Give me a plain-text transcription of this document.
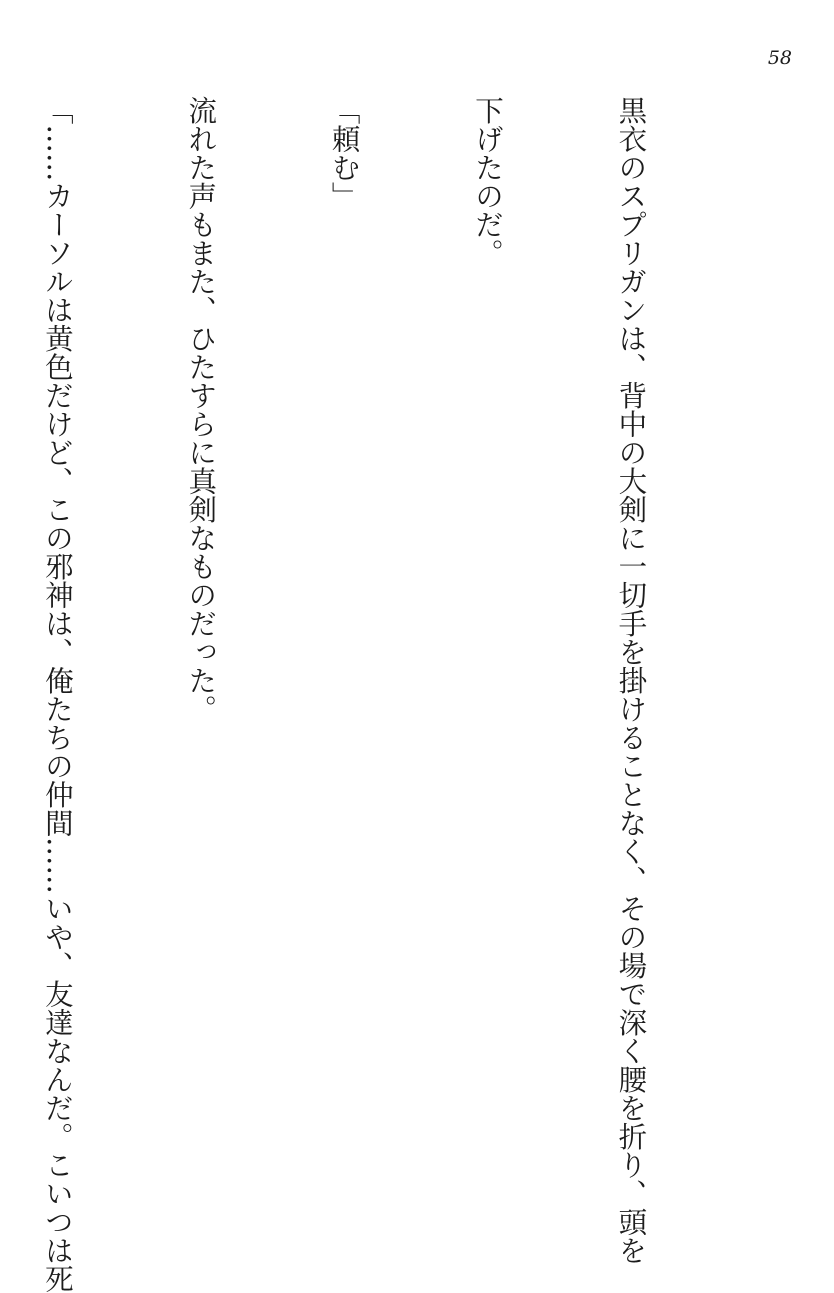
58

黒衣のスプリガンは、背中の大剣に一切手を掛けることなく、その場で深く腰を折り、頭を

下げたのだ。

「頼む」

流れた声もまた、ひたすらに真剣なものだった。

「……カーソルは黄色だけど、この邪神は、俺たちの仲間……いや、友達なんだ。こいつは死
